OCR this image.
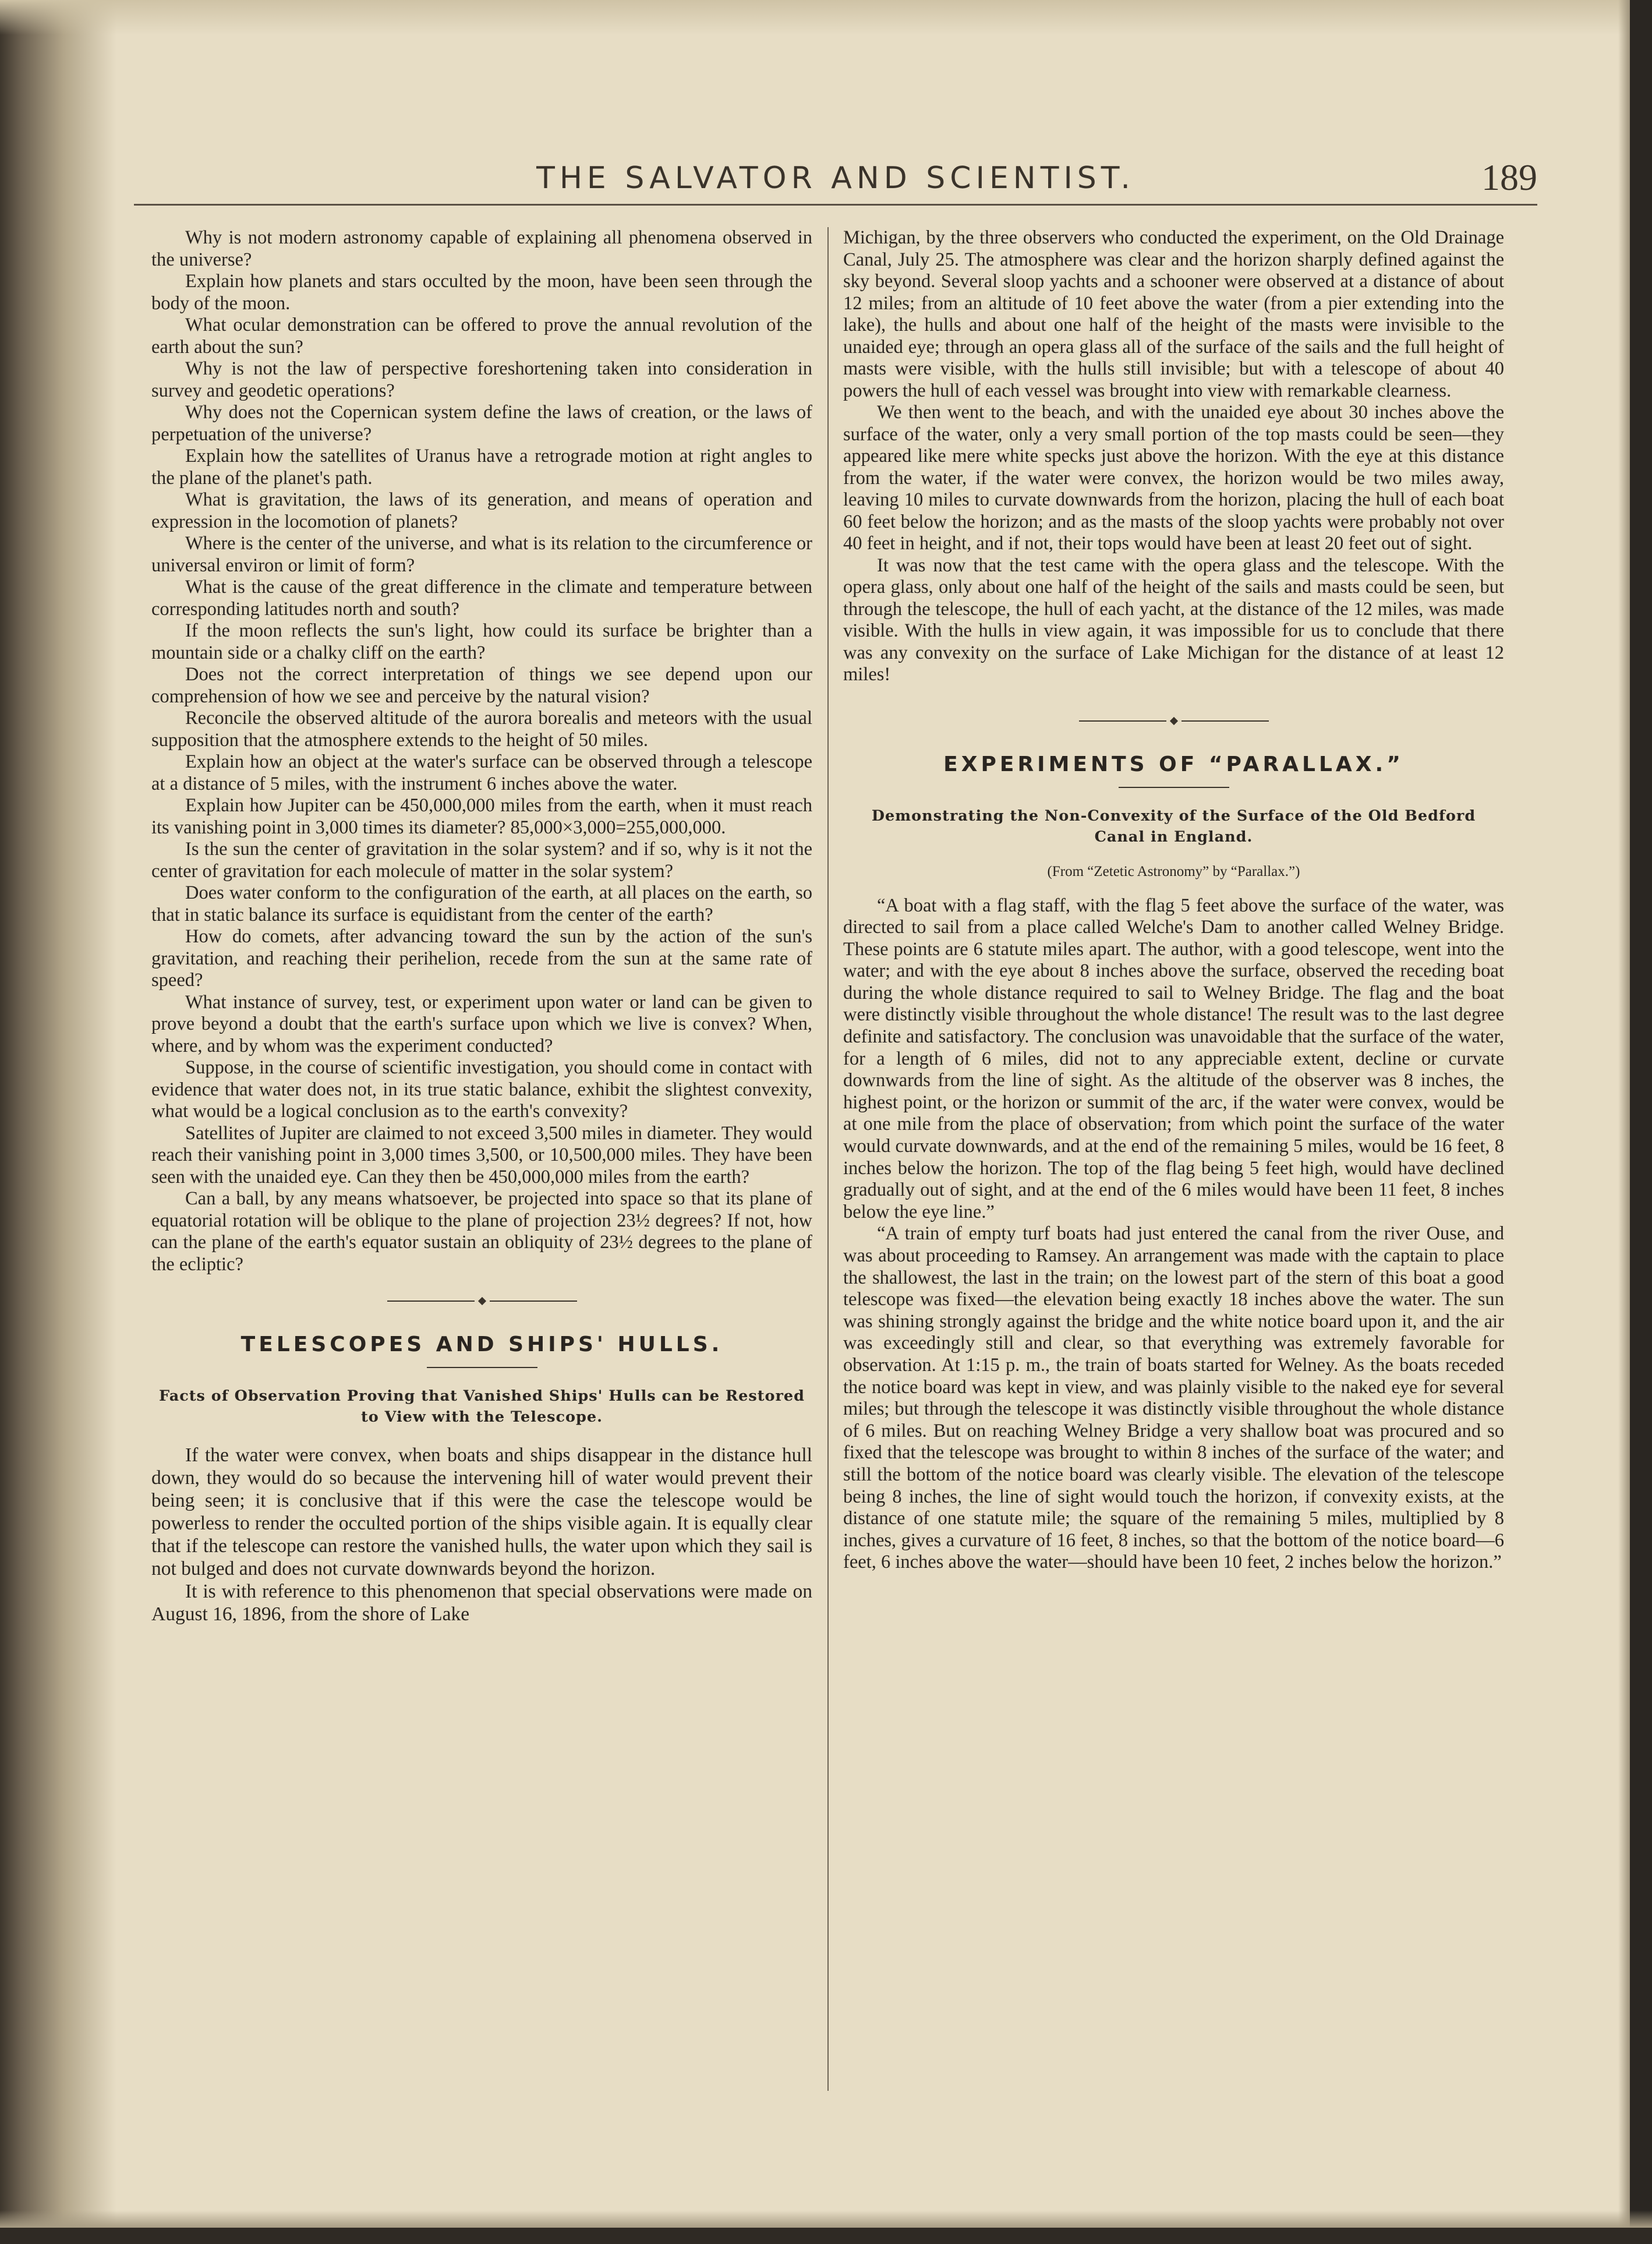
THE SALVATOR AND SCIENTIST.	189

Why is not modern astronomy capable of explaining all phenomena observed in the universe?

Explain how planets and stars occulted by the moon, have been seen through the body of the moon.

What ocular demonstration can be offered to prove the annual revolution of the earth about the sun?

Why is not the law of perspective foreshortening taken into consideration in survey and geodetic operations?

Why does not the Copernican system define the laws of creation, or the laws of perpetuation of the universe?

Explain how the satellites of Uranus have a retrograde motion at right angles to the plane of the planet's path.

What is gravitation, the laws of its generation, and means of operation and expression in the locomotion of planets?

Where is the center of the universe, and what is its relation to the circumference or universal environ or limit of form?

What is the cause of the great difference in the climate and temperature between corresponding latitudes north and south?

If the moon reflects the sun's light, how could its surface be brighter than a mountain side or a chalky cliff on the earth?

Does not the correct interpretation of things we see depend upon our comprehension of how we see and perceive by the natural vision?

Reconcile the observed altitude of the aurora borealis and meteors with the usual supposition that the atmosphere extends to the height of 50 miles.

Explain how an object at the water's surface can be observed through a telescope at a distance of 5 miles, with the instrument 6 inches above the water.

Explain how Jupiter can be 450,000,000 miles from the earth, when it must reach its vanishing point in 3,000 times its diameter? 85,000×3,000=255,000,000.

Is the sun the center of gravitation in the solar system? and if so, why is it not the center of gravitation for each molecule of matter in the solar system?

Does water conform to the configuration of the earth, at all places on the earth, so that in static balance its surface is equidistant from the center of the earth?

How do comets, after advancing toward the sun by the action of the sun's gravitation, and reaching their perihelion, recede from the sun at the same rate of speed?

What instance of survey, test, or experiment upon water or land can be given to prove beyond a doubt that the earth's surface upon which we live is convex? When, where, and by whom was the experiment conducted?

Suppose, in the course of scientific investigation, you should come in contact with evidence that water does not, in its true static balance, exhibit the slightest convexity, what would be a logical conclusion as to the earth's convexity?

Satellites of Jupiter are claimed to not exceed 3,500 miles in diameter. They would reach their vanishing point in 3,000 times 3,500, or 10,500,000 miles. They have been seen with the unaided eye. Can they then be 450,000,000 miles from the earth?

Can a ball, by any means whatsoever, be projected into space so that its plane of equatorial rotation will be oblique to the plane of projection 23½ degrees? If not, how can the plane of the earth's equator sustain an obliquity of 23½ degrees to the plane of the ecliptic?

TELESCOPES AND SHIPS' HULLS.
Facts of Observation Proving that Vanished Ships' Hulls can be Restored to View with the Telescope.

If the water were convex, when boats and ships disappear in the distance hull down, they would do so because the intervening hill of water would prevent their being seen; it is conclusive that if this were the case the telescope would be powerless to render the occulted portion of the ships visible again. It is equally clear that if the telescope can restore the vanished hulls, the water upon which they sail is not bulged and does not curvate downwards beyond the horizon.

It is with reference to this phenomenon that special observations were made on August 16, 1896, from the shore of Lake

Michigan, by the three observers who conducted the experiment, on the Old Drainage Canal, July 25. The atmosphere was clear and the horizon sharply defined against the sky beyond. Several sloop yachts and a schooner were observed at a distance of about 12 miles; from an altitude of 10 feet above the water (from a pier extending into the lake), the hulls and about one half of the height of the masts were invisible to the unaided eye; through an opera glass all of the surface of the sails and the full height of masts were visible, with the hulls still invisible; but with a telescope of about 40 powers the hull of each vessel was brought into view with remarkable clearness.

We then went to the beach, and with the unaided eye about 30 inches above the surface of the water, only a very small portion of the top masts could be seen—they appeared like mere white specks just above the horizon. With the eye at this distance from the water, if the water were convex, the horizon would be two miles away, leaving 10 miles to curvate downwards from the horizon, placing the hull of each boat 60 feet below the horizon; and as the masts of the sloop yachts were probably not over 40 feet in height, and if not, their tops would have been at least 20 feet out of sight.

It was now that the test came with the opera glass and the telescope. With the opera glass, only about one half of the height of the sails and masts could be seen, but through the telescope, the hull of each yacht, at the distance of the 12 miles, was made visible. With the hulls in view again, it was impossible for us to conclude that there was any convexity on the surface of Lake Michigan for the distance of at least 12 miles!

EXPERIMENTS OF “PARALLAX.”
Demonstrating the Non-Convexity of the Surface of the Old Bedford Canal in England.
(From “Zetetic Astronomy” by “Parallax.”)

“A boat with a flag staff, with the flag 5 feet above the surface of the water, was directed to sail from a place called Welche's Dam to another called Welney Bridge. These points are 6 statute miles apart. The author, with a good telescope, went into the water; and with the eye about 8 inches above the surface, observed the receding boat during the whole distance required to sail to Welney Bridge. The flag and the boat were distinctly visible throughout the whole distance! The result was to the last degree definite and satisfactory. The conclusion was unavoidable that the surface of the water, for a length of 6 miles, did not to any appreciable extent, decline or curvate downwards from the line of sight. As the altitude of the observer was 8 inches, the highest point, or the horizon or summit of the arc, if the water were convex, would be at one mile from the place of observation; from which point the surface of the water would curvate downwards, and at the end of the remaining 5 miles, would be 16 feet, 8 inches below the horizon. The top of the flag being 5 feet high, would have declined gradually out of sight, and at the end of the 6 miles would have been 11 feet, 8 inches below the eye line.”

“A train of empty turf boats had just entered the canal from the river Ouse, and was about proceeding to Ramsey. An arrangement was made with the captain to place the shallowest, the last in the train; on the lowest part of the stern of this boat a good telescope was fixed—the elevation being exactly 18 inches above the water. The sun was shining strongly against the bridge and the white notice board upon it, and the air was exceedingly still and clear, so that everything was extremely favorable for observation. At 1:15 p. m., the train of boats started for Welney. As the boats receded the notice board was kept in view, and was plainly visible to the naked eye for several miles; but through the telescope it was distinctly visible throughout the whole distance of 6 miles. But on reaching Welney Bridge a very shallow boat was procured and so fixed that the telescope was brought to within 8 inches of the surface of the water; and still the bottom of the notice board was clearly visible. The elevation of the telescope being 8 inches, the line of sight would touch the horizon, if convexity exists, at the distance of one statute mile; the square of the remaining 5 miles, multiplied by 8 inches, gives a curvature of 16 feet, 8 inches, so that the bottom of the notice board—6 feet, 6 inches above the water—should have been 10 feet, 2 inches below the horizon.”
